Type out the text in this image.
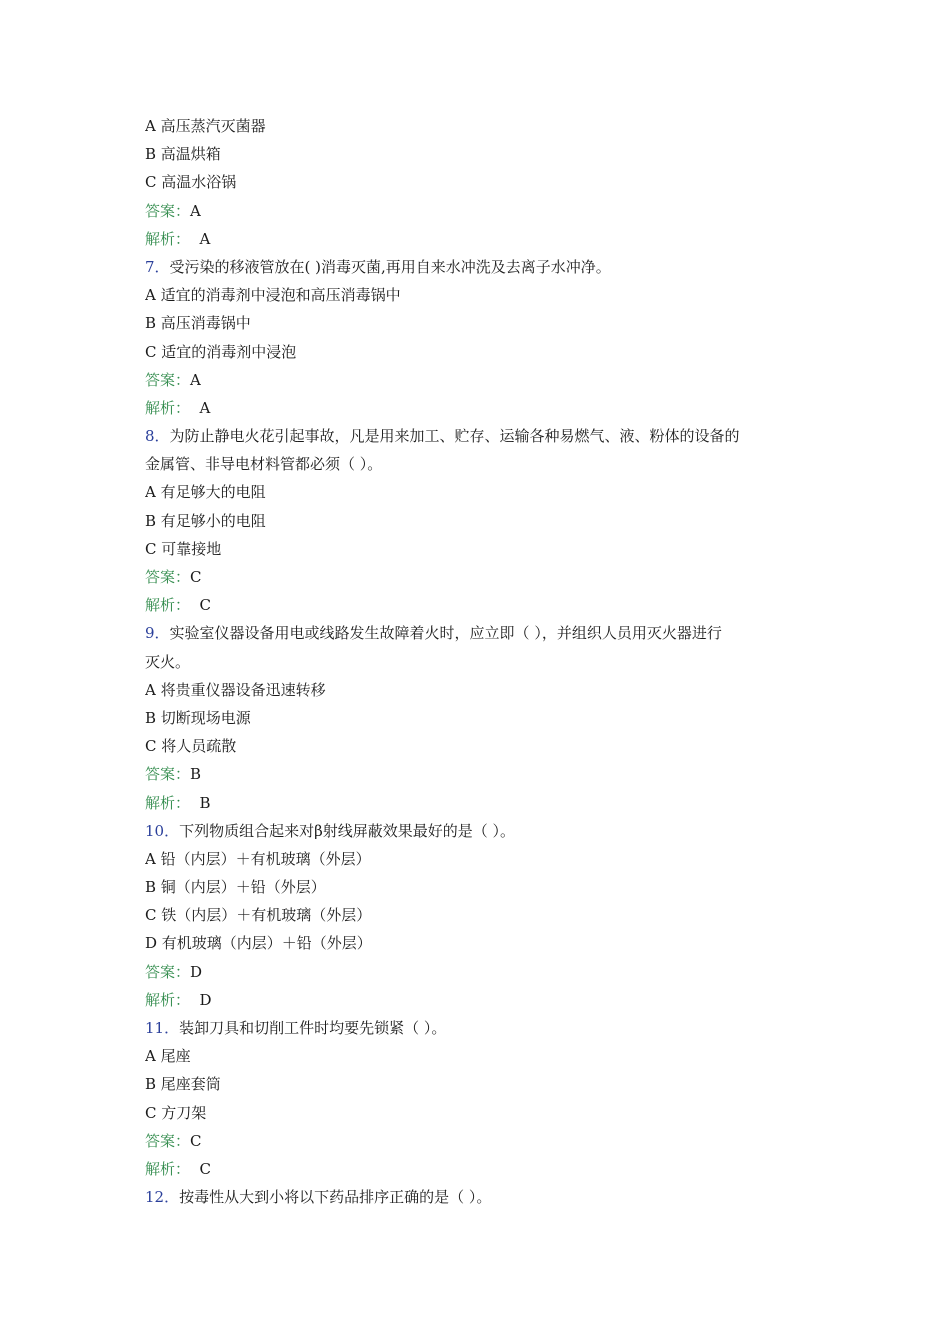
A 高压蒸汽灭菌器
B 高温烘箱
C 高温水浴锅
答案：A
解析：  A
7．受污染的移液管放在( )消毒灭菌,再用自来水冲洗及去离子水冲净。
A 适宜的消毒剂中浸泡和高压消毒锅中
B 高压消毒锅中
C 适宜的消毒剂中浸泡
答案：A
解析：  A
8．为防止静电火花引起事故，凡是用来加工、贮存、运输各种易燃气、液、粉体的设备的
金属管、非导电材料管都必须（ ）。
A 有足够大的电阻
B 有足够小的电阻
C 可靠接地
答案：C
解析：  C
9．实验室仪器设备用电或线路发生故障着火时，应立即（ ），并组织人员用灭火器进行
灭火。
A 将贵重仪器设备迅速转移
B 切断现场电源
C 将人员疏散
答案：B
解析：  B
10．下列物质组合起来对β射线屏蔽效果最好的是（ ）。
A 铅（内层）＋有机玻璃（外层）
B 铜（内层）＋铅（外层）
C 铁（内层）＋有机玻璃（外层）
D 有机玻璃（内层）＋铅（外层）
答案：D
解析：  D
11．装卸刀具和切削工件时均要先锁紧（ ）。
A 尾座
B 尾座套筒
C 方刀架
答案：C
解析：  C
12．按毒性从大到小将以下药品排序正确的是（ ）。
